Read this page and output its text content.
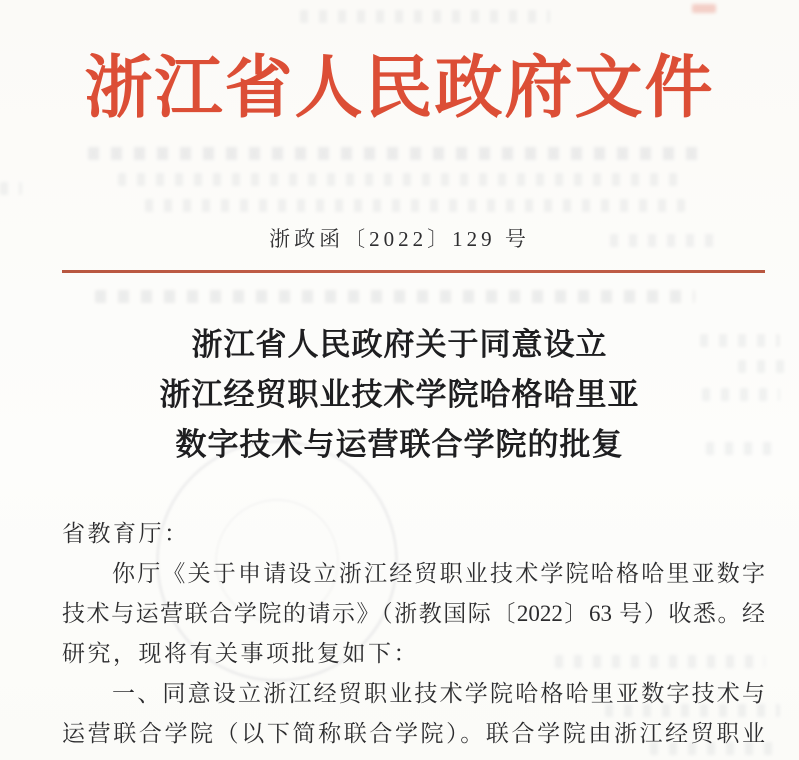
浙江省人民政府文件
浙政函〔2022〕129 号
浙江省人民政府关于同意设立
浙江经贸职业技术学院哈格哈里亚
数字技术与运营联合学院的批复
省教育厅：
你厅《关于申请设立浙江经贸职业技术学院哈格哈里亚数字
技术与运营联合学院的请示》（浙教国际〔2022〕63 号）收悉。经
研究，现将有关事项批复如下：
一、同意设立浙江经贸职业技术学院哈格哈里亚数字技术与
运营联合学院（以下简称联合学院）。联合学院由浙江经贸职业
